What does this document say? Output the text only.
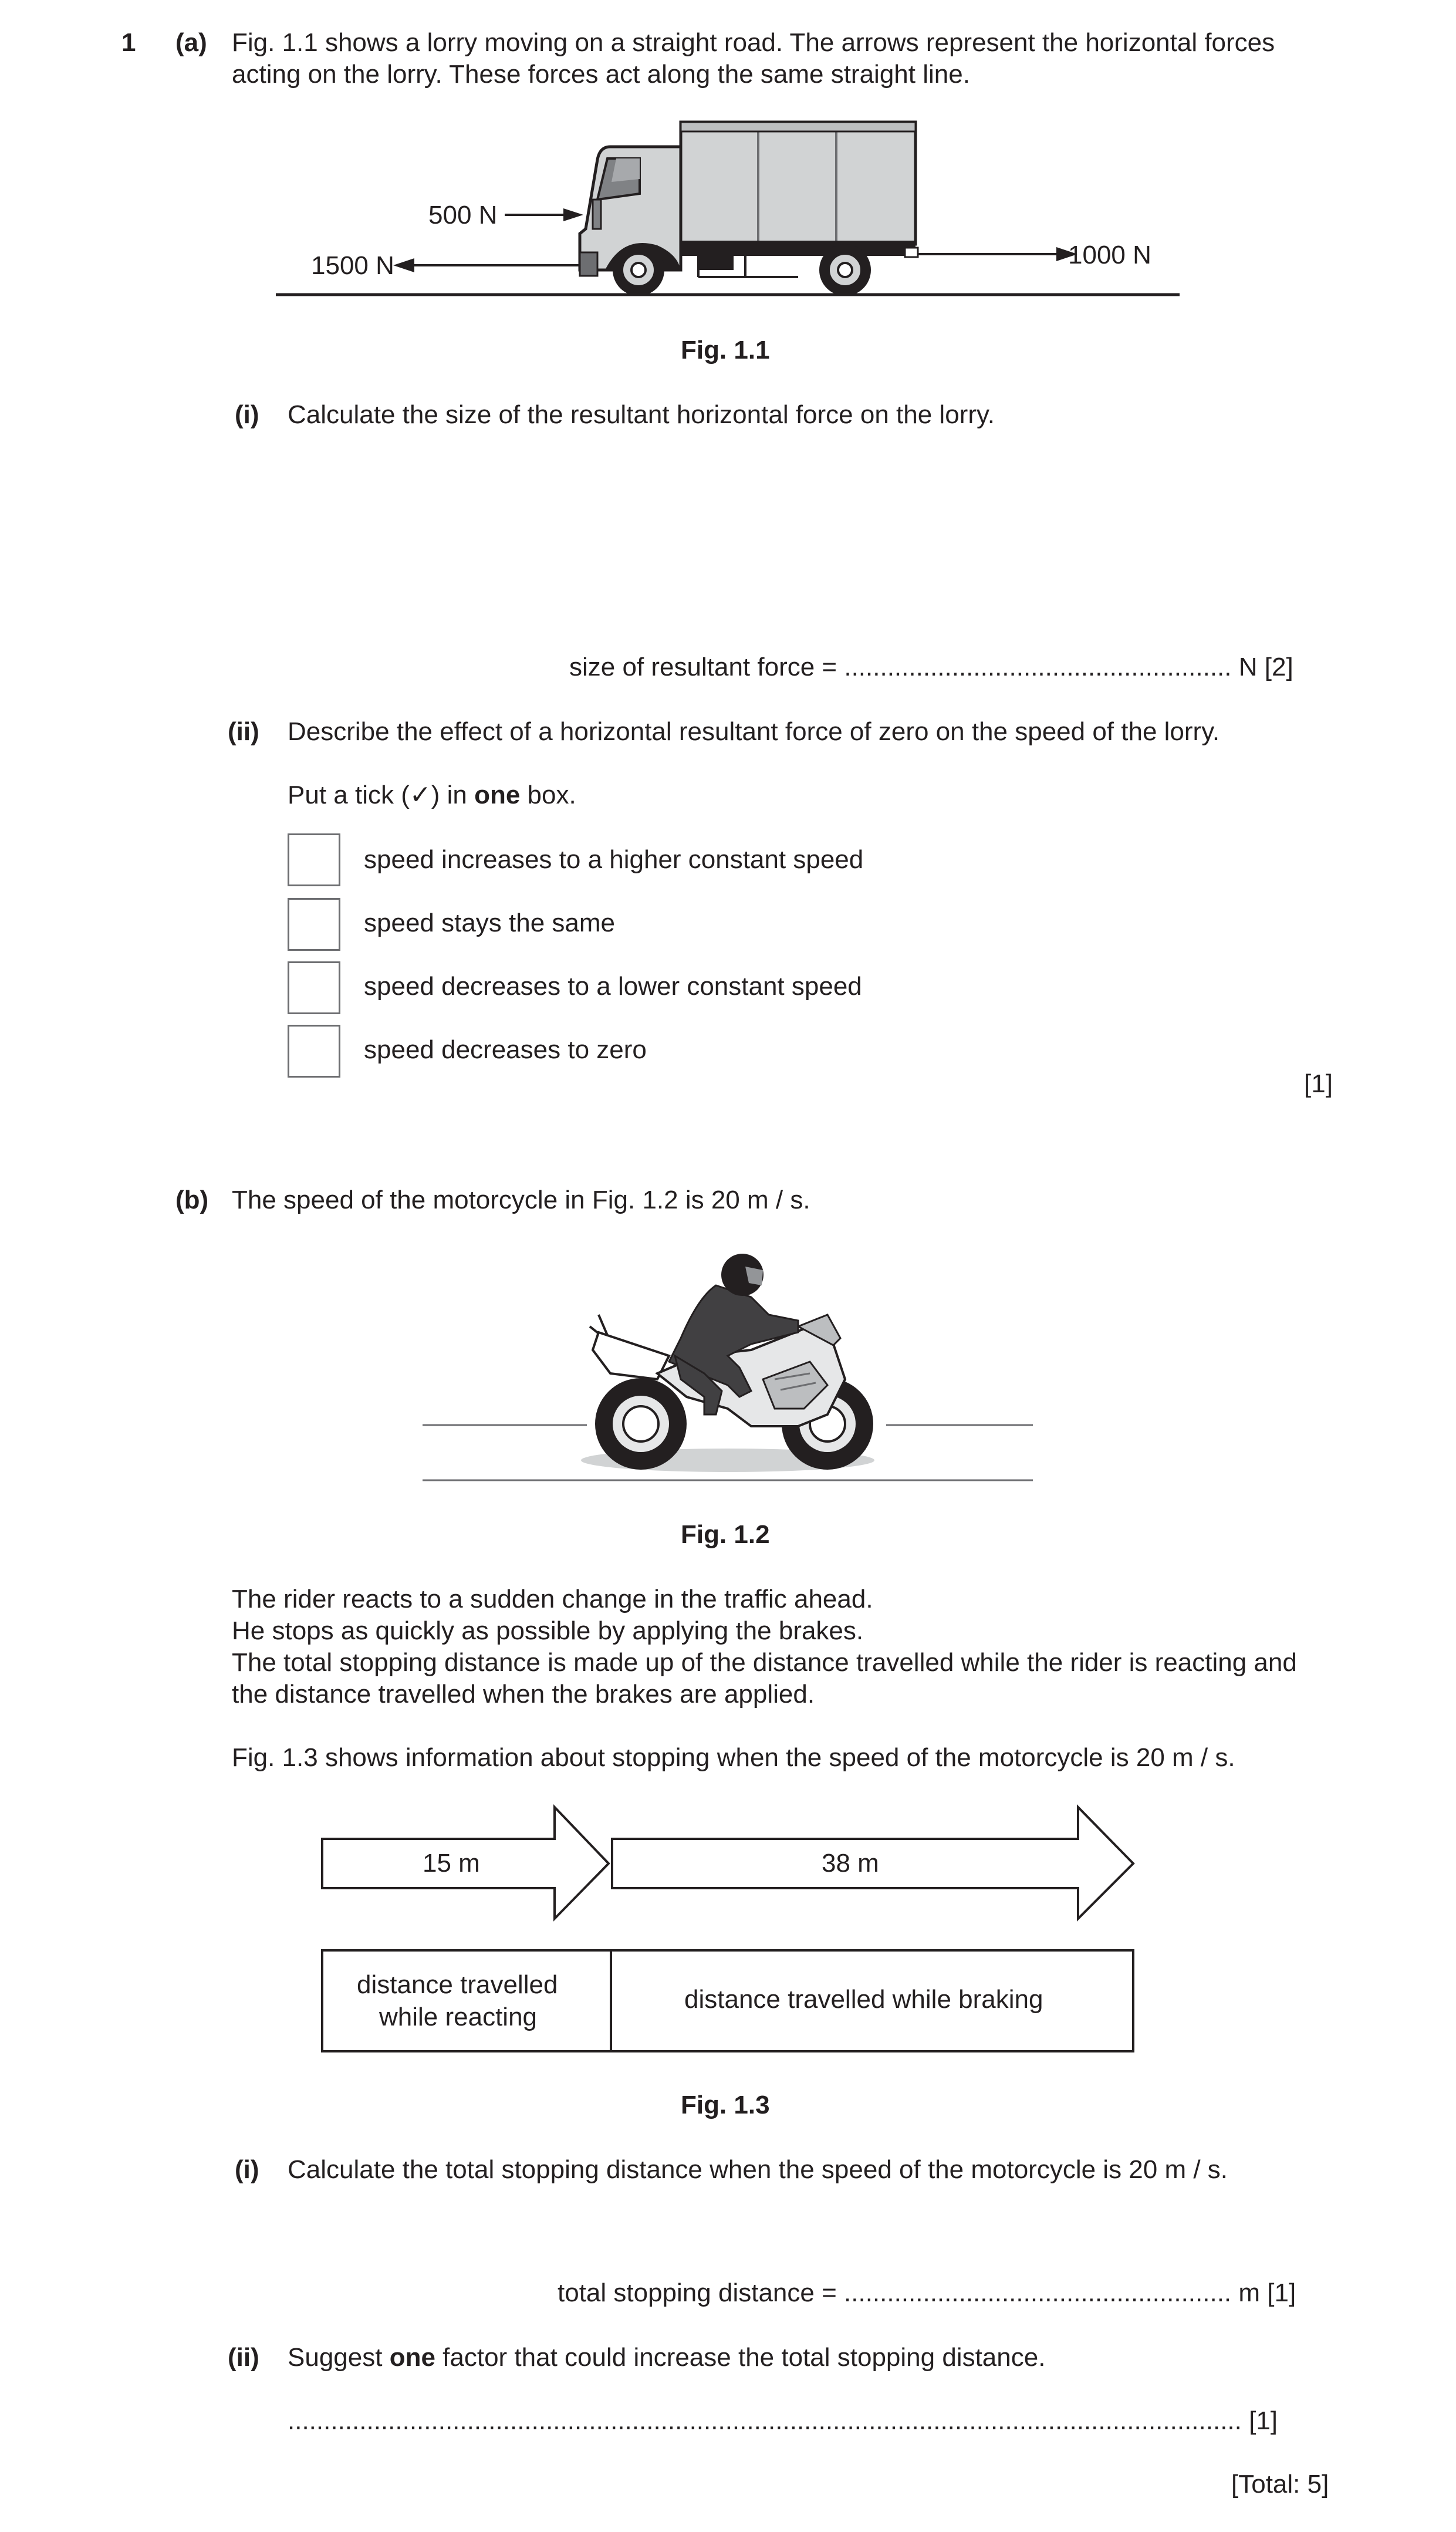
1 (a) Fig. 1.1 shows a lorry moving on a straight road. The arrows represent the horizontal forces
acting on the lorry. These forces act along the same straight line.
500 N
1500 N	1000 N
Fig. 1.1
(i) Calculate the size of the resultant horizontal force on the lorry.
size of resultant force = ...................................................... N [2]
(ii) Describe the effect of a horizontal resultant force of zero on the speed of the lorry.
Put a tick (✓) in one box.
speed increases to a higher constant speed
speed stays the same
speed decreases to a lower constant speed
speed decreases to zero
[1]
(b) The speed of the motorcycle in Fig. 1.2 is 20 m / s.
Fig. 1.2
The rider reacts to a sudden change in the traffic ahead.
He stops as quickly as possible by applying the brakes.
The total stopping distance is made up of the distance travelled while the rider is reacting and
the distance travelled when the brakes are applied.
Fig. 1.3 shows information about stopping when the speed of the motorcycle is 20 m / s.
15 m	38 m
distance travelled
while reacting
distance travelled while braking
Fig. 1.3
(i) Calculate the total stopping distance when the speed of the motorcycle is 20 m / s.
total stopping distance = ...................................................... m [1]
(ii) Suggest one factor that could increase the total stopping distance.
..................................................................................................................................... [1]
[Total: 5]
